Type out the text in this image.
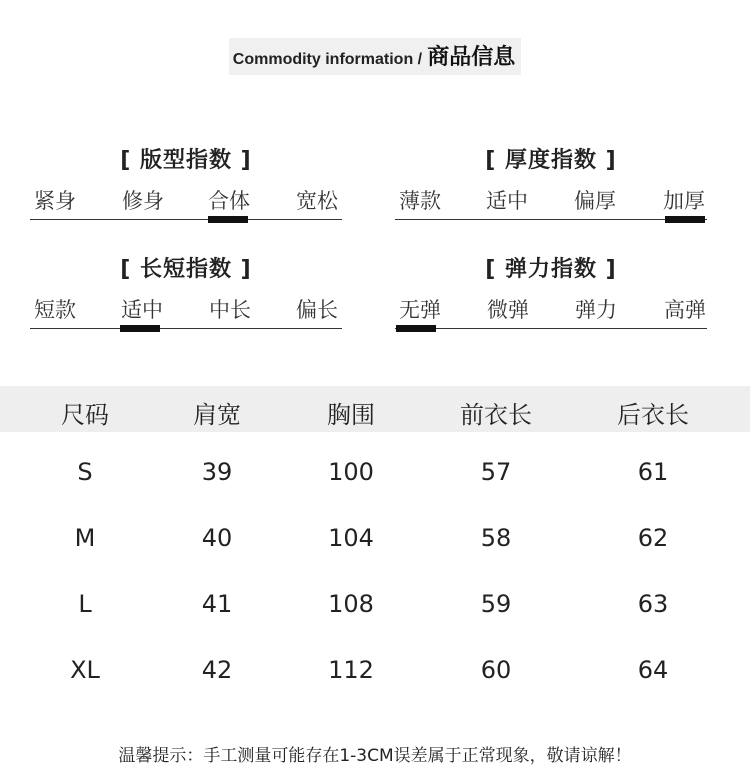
Commodity information / 商品信息
[ 版型指数 ]
紧身 修身 合体 宽松
[ 厚度指数 ]
薄款 适中 偏厚 加厚
[ 长短指数 ]
短款 适中 中长 偏长
[ 弹力指数 ]
无弹 微弹 弹力 高弹
尺码	肩宽	胸围	前衣长	后衣长
S	39	100	57	61
M	40	104	58	62
L	41	108	59	63
XL	42	112	60	64
温馨提示：手工测量可能存在1-3CM误差属于正常现象，敬请谅解！
